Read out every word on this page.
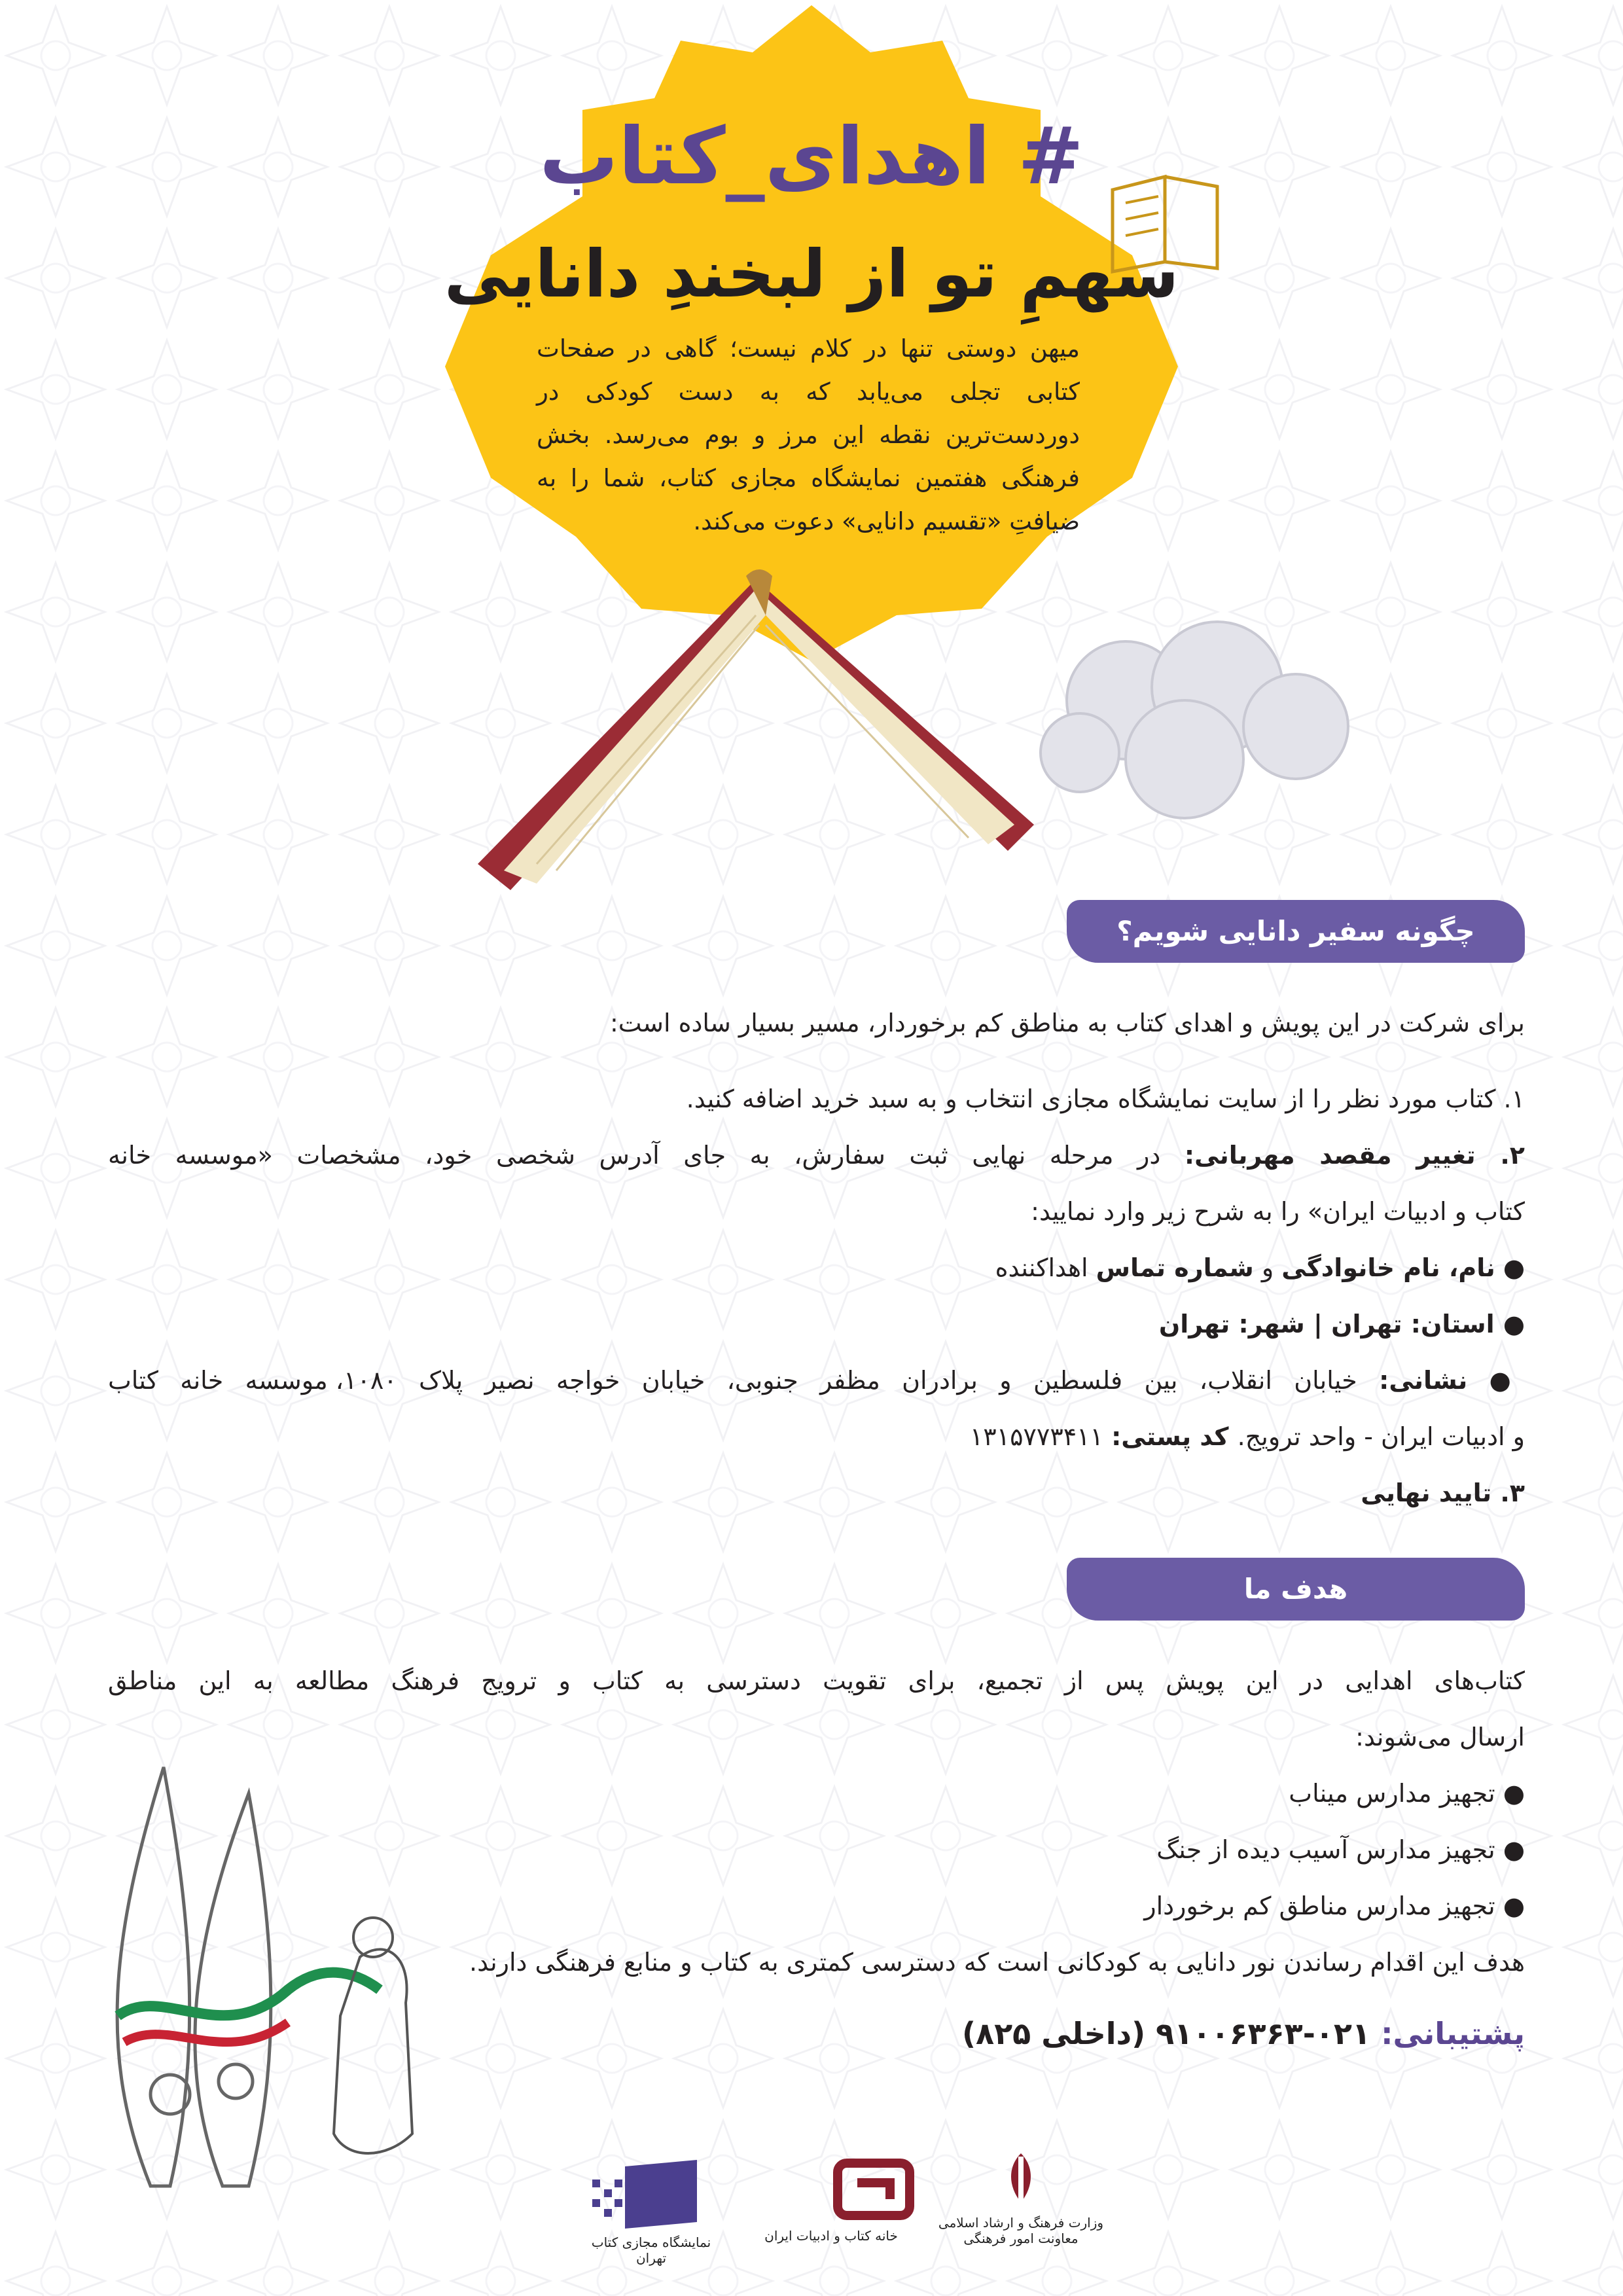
# اهدای_کتاب
سهمِ تو از لبخندِ دانایی
میهن دوستی تنها در کلام نیست؛ گاهی در صفحات کتابی تجلی می‌یابد که به دست کودکی در دوردست‌ترین نقطه این مرز و بوم می‌رسد. بخش فرهنگی هفتمین نمایشگاه مجازی کتاب، شما را به ضیافتِ «تقسیم دانایی» دعوت می‌کند.
چگونه سفیر دانایی شویم؟
برای شرکت در این پویش و اهدای کتاب به مناطق کم برخوردار، مسیر بسیار ساده است:
۱. کتاب مورد نظر را از سایت نمایشگاه مجازی انتخاب و به سبد خرید اضافه کنید.
۲. تغییر مقصد مهربانی: در مرحله نهایی ثبت سفارش، به جای آدرس شخصی خود، مشخصات «موسسه خانه
کتاب و ادبیات ایران» را به شرح زیر وارد نمایید:
● نام، نام خانوادگی و شماره تماس اهداکننده
● استان: تهران | شهر: تهران
● نشانی: خیابان انقلاب، بین فلسطین و برادران مظفر جنوبی، خیابان خواجه نصیر پلاک ۱۰۸۰، موسسه خانه کتاب
و ادبیات ایران - واحد ترویج. کد پستی: ۱۳۱۵۷۷۳۴۱۱
۳. تایید نهایی
هدف ما
کتاب‌های اهدایی در این پویش پس از تجمیع، برای تقویت دسترسی به کتاب و ترویج فرهنگ مطالعه به این مناطق
ارسال می‌شوند:
● تجهیز مدارس میناب
● تجهیز مدارس آسیب دیده از جنگ
● تجهیز مدارس مناطق کم برخوردار
هدف این اقدام رساندن نور دانایی به کودکانی است که دسترسی کمتری به کتاب و منابع فرهنگی دارند.
پشتیبانی: ۰۲۱-۹۱۰۰۶۳۶۳ (داخلی ۸۲۵)
نمایشگاه مجازی کتاب تهران
خانه کتاب و ادبیات ایران
وزارت فرهنگ و ارشاد اسلامی
معاونت امور فرهنگی
